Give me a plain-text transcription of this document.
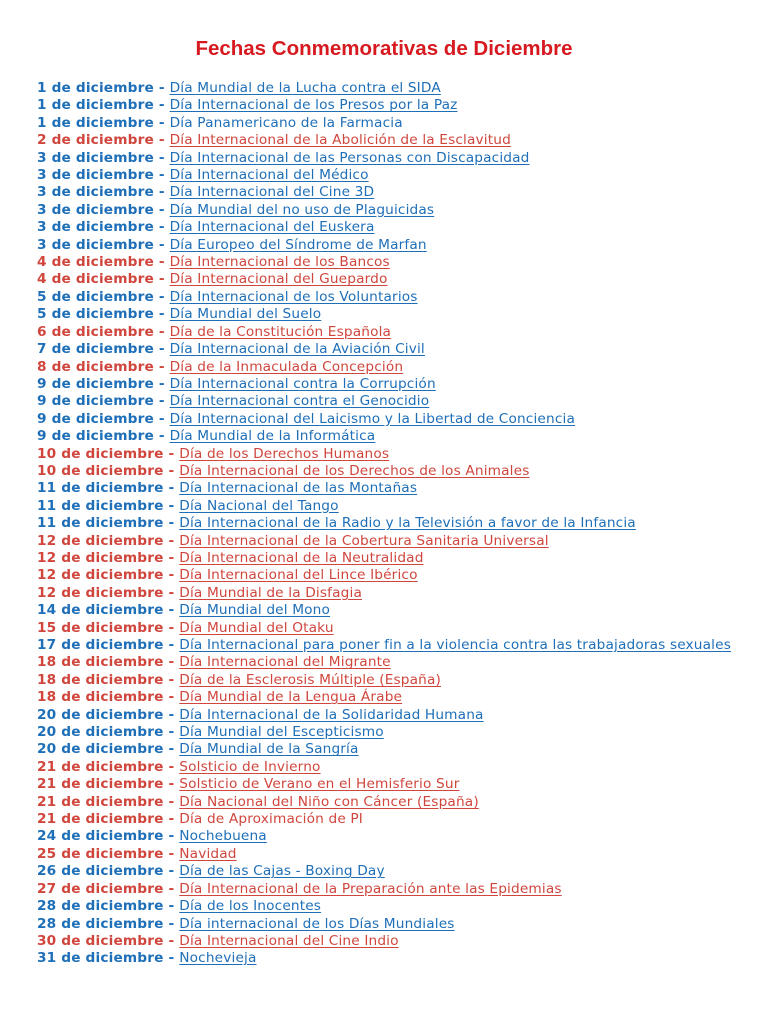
Fechas Conmemorativas de Diciembre
1 de diciembre - Día Mundial de la Lucha contra el SIDA
1 de diciembre - Día Internacional de los Presos por la Paz
1 de diciembre - Día Panamericano de la Farmacia
2 de diciembre - Día Internacional de la Abolición de la Esclavitud
3 de diciembre - Día Internacional de las Personas con Discapacidad
3 de diciembre - Día Internacional del Médico
3 de diciembre - Día Internacional del Cine 3D
3 de diciembre - Día Mundial del no uso de Plaguicidas
3 de diciembre - Día Internacional del Euskera
3 de diciembre - Día Europeo del Síndrome de Marfan
4 de diciembre - Día Internacional de los Bancos
4 de diciembre - Día Internacional del Guepardo
5 de diciembre - Día Internacional de los Voluntarios
5 de diciembre - Día Mundial del Suelo
6 de diciembre - Día de la Constitución Española
7 de diciembre - Día Internacional de la Aviación Civil
8 de diciembre - Día de la Inmaculada Concepción
9 de diciembre - Día Internacional contra la Corrupción
9 de diciembre - Día Internacional contra el Genocidio
9 de diciembre - Día Internacional del Laicismo y la Libertad de Conciencia
9 de diciembre - Día Mundial de la Informática
10 de diciembre - Día de los Derechos Humanos
10 de diciembre - Día Internacional de los Derechos de los Animales
11 de diciembre - Día Internacional de las Montañas
11 de diciembre - Día Nacional del Tango
11 de diciembre - Día Internacional de la Radio y la Televisión a favor de la Infancia
12 de diciembre - Día Internacional de la Cobertura Sanitaria Universal
12 de diciembre - Día Internacional de la Neutralidad
12 de diciembre - Día Internacional del Lince Ibérico
12 de diciembre - Día Mundial de la Disfagia
14 de diciembre - Día Mundial del Mono
15 de diciembre - Día Mundial del Otaku
17 de diciembre - Día Internacional para poner fin a la violencia contra las trabajadoras sexuales
18 de diciembre - Día Internacional del Migrante
18 de diciembre - Día de la Esclerosis Múltiple (España)
18 de diciembre - Día Mundial de la Lengua Árabe
20 de diciembre - Día Internacional de la Solidaridad Humana
20 de diciembre - Día Mundial del Escepticismo
20 de diciembre - Día Mundial de la Sangría
21 de diciembre - Solsticio de Invierno
21 de diciembre - Solsticio de Verano en el Hemisferio Sur
21 de diciembre - Día Nacional del Niño con Cáncer (España)
21 de diciembre - Día de Aproximación de PI
24 de diciembre - Nochebuena
25 de diciembre - Navidad
26 de diciembre - Día de las Cajas - Boxing Day
27 de diciembre - Día Internacional de la Preparación ante las Epidemias
28 de diciembre - Día de los Inocentes
28 de diciembre - Día internacional de los Días Mundiales
30 de diciembre - Día Internacional del Cine Indio
31 de diciembre - Nochevieja
